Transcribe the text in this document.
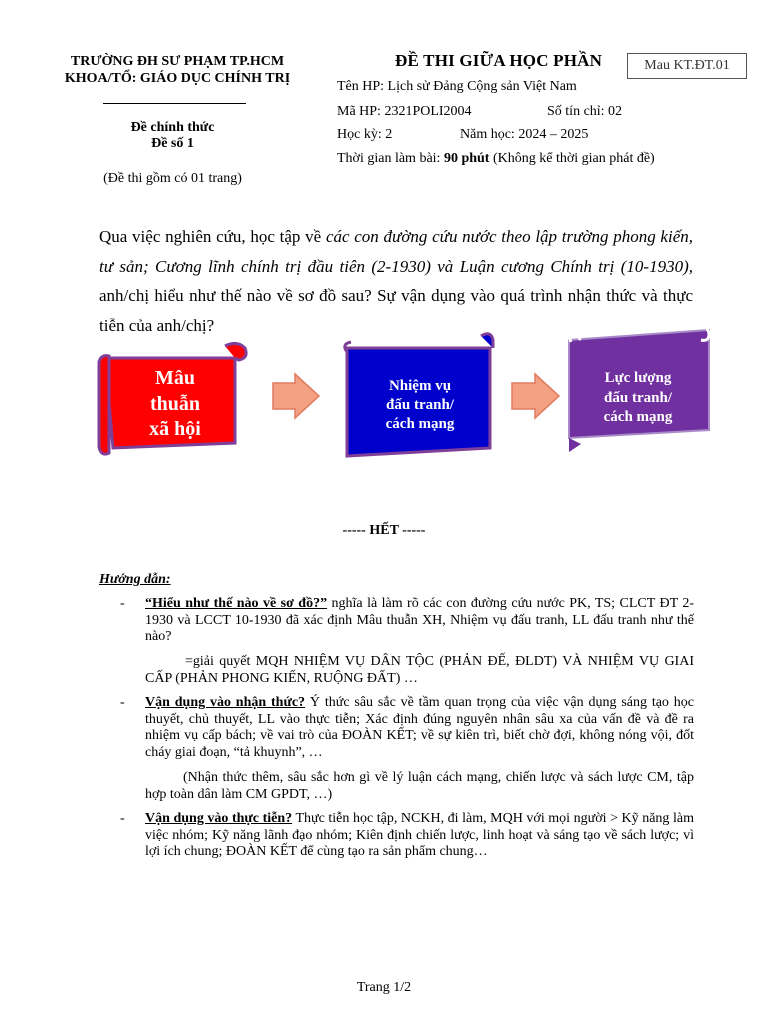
TRƯỜNG ĐH SƯ PHẠM TP.HCM
KHOA/TỔ: GIÁO DỤC CHÍNH TRỊ
Đề chính thức
Đề số 1
(Đề thi gồm có 01 trang)
ĐỀ THI GIỮA HỌC PHẦN	Mau KT.ĐT.01
Tên HP: Lịch sử Đảng Cộng sản Việt Nam
Mã HP: 2321POLI2004	Số tín chỉ: 02
Học kỳ: 2	Năm học: 2024 – 2025
Thời gian làm bài: 90 phút (Không kể thời gian phát đề)
Qua việc nghiên cứu, học tập về các con đường cứu nước theo lập trường phong kiến, tư sản; Cương lĩnh chính trị đầu tiên (2-1930) và Luận cương Chính trị (10-1930), anh/chị hiểu như thế nào về sơ đồ sau? Sự vận dụng vào quá trình nhận thức và thực tiễn của anh/chị?
Mâu
thuẫn
xã hội
Nhiệm vụ
đấu tranh/
cách mạng
Lực lượng
đấu tranh/
cách mạng
----- HẾT -----
Hướng dẫn:
- “Hiểu như thế nào về sơ đồ?” nghĩa là làm rõ các con đường cứu nước PK, TS; CLCT ĐT 2-1930 và LCCT 10-1930 đã xác định Mâu thuẫn XH, Nhiệm vụ đấu tranh, LL đấu tranh như thế nào?
=giải quyết MQH NHIỆM VỤ DÂN TỘC (PHẢN ĐẾ, ĐLDT) VÀ NHIỆM VỤ GIAI CẤP (PHẢN PHONG KIẾN, RUỘNG ĐẤT) …
- Vận dụng vào nhận thức? Ý thức sâu sắc về tầm quan trọng của việc vận dụng sáng tạo học thuyết, chủ thuyết, LL vào thực tiễn; Xác định đúng nguyên nhân sâu xa của vấn đề và đề ra nhiệm vụ cấp bách; về vai trò của ĐOÀN KẾT; về sự kiên trì, biết chờ đợi, không nóng vội, đốt cháy giai đoạn, “tả khuynh”, …
(Nhận thức thêm, sâu sắc hơn gì về lý luận cách mạng, chiến lược và sách lược CM, tập hợp toàn dân làm CM GPDT, …)
- Vận dụng vào thực tiễn? Thực tiễn học tập, NCKH, đi làm, MQH với mọi người > Kỹ năng làm việc nhóm; Kỹ năng lãnh đạo nhóm; Kiên định chiến lược, linh hoạt và sáng tạo về sách lược; vì lợi ích chung; ĐOÀN KẾT để cùng tạo ra sản phẩm chung…
Trang 1/2
